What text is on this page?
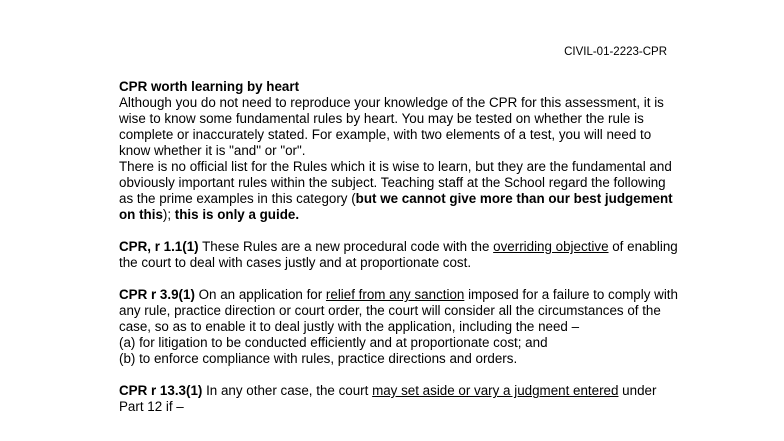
CIVIL-01-2223-CPR
CPR worth learning by heart

Although you do not need to reproduce your knowledge of the CPR for this assessment, it is wise to know some fundamental rules by heart. You may be tested on whether the rule is complete or inaccurately stated. For example, with two elements of a test, you will need to know whether it is "and" or "or".

There is no official list for the Rules which it is wise to learn, but they are the fundamental and obviously important rules within the subject. Teaching staff at the School regard the following as the prime examples in this category (but we cannot give more than our best judgement on this); this is only a guide.

CPR, r 1.1(1) These Rules are a new procedural code with the overriding objective of enabling the court to deal with cases justly and at proportionate cost.
CPR r 3.9(1) On an application for relief from any sanction imposed for a failure to comply with any rule, practice direction or court order, the court will consider all the circumstances of the case, so as to enable it to deal justly with the application, including the need –
(a) for litigation to be conducted efficiently and at proportionate cost; and
(b) to enforce compliance with rules, practice directions and orders.
CPR r 13.3(1) In any other case, the court may set aside or vary a judgment entered under Part 12 if –
